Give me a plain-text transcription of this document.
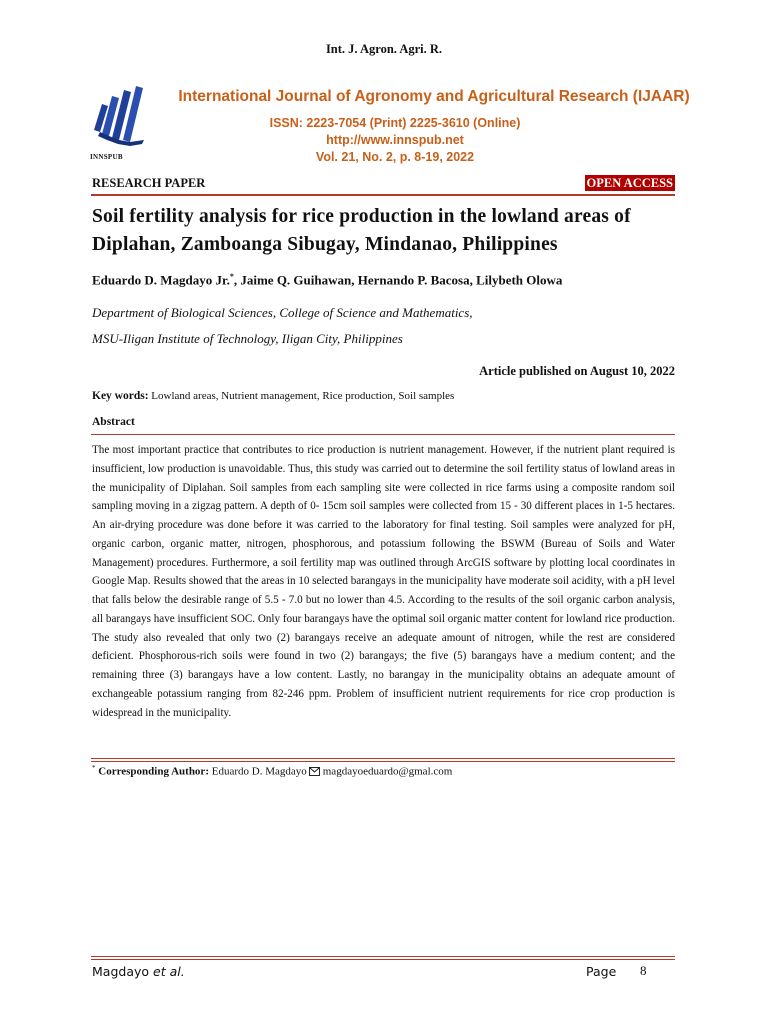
Int. J. Agron. Agri. R.
INNSPUB
International Journal of Agronomy and Agricultural Research (IJAAR)
ISSN: 2223-7054 (Print) 2225-3610 (Online)
http://www.innspub.net
Vol. 21, No. 2, p. 8-19, 2022
RESEARCH PAPER	OPEN ACCESS
Soil fertility analysis for rice production in the lowland areas of Diplahan, Zamboanga Sibugay, Mindanao, Philippines
Eduardo D. Magdayo Jr.*, Jaime Q. Guihawan, Hernando P. Bacosa, Lilybeth Olowa
Department of Biological Sciences, College of Science and Mathematics,
MSU-Iligan Institute of Technology, Iligan City, Philippines
Article published on August 10, 2022
Key words: Lowland areas, Nutrient management, Rice production, Soil samples
Abstract
The most important practice that contributes to rice production is nutrient management. However, if the nutrient plant required is insufficient, low production is unavoidable. Thus, this study was carried out to determine the soil fertility status of lowland areas in the municipality of Diplahan. Soil samples from each sampling site were collected in rice farms using a composite random soil sampling moving in a zigzag pattern. A depth of 0- 15cm soil samples were collected from 15 - 30 different places in 1-5 hectares. An air-drying procedure was done before it was carried to the laboratory for final testing. Soil samples were analyzed for pH, organic carbon, organic matter, nitrogen, phosphorous, and potassium following the BSWM (Bureau of Soils and Water Management) procedures. Furthermore, a soil fertility map was outlined through ArcGIS software by plotting local coordinates in Google Map. Results showed that the areas in 10 selected barangays in the municipality have moderate soil acidity, with a pH level that falls below the desirable range of 5.5 - 7.0 but no lower than 4.5. According to the results of the soil organic carbon analysis, all barangays have insufficient SOC. Only four barangays have the optimal soil organic matter content for lowland rice production. The study also revealed that only two (2) barangays receive an adequate amount of nitrogen, while the rest are considered deficient. Phosphorous-rich soils were found in two (2) barangays; the five (5) barangays have a medium content; and the remaining three (3) barangays have a low content. Lastly, no barangay in the municipality obtains an adequate amount of exchangeable potassium ranging from 82-246 ppm. Problem of insufficient nutrient requirements for rice crop production is widespread in the municipality.
* Corresponding Author: Eduardo D. Magdayo magdayoeduardo@gmal.com
Magdayo et al.	Page 8
